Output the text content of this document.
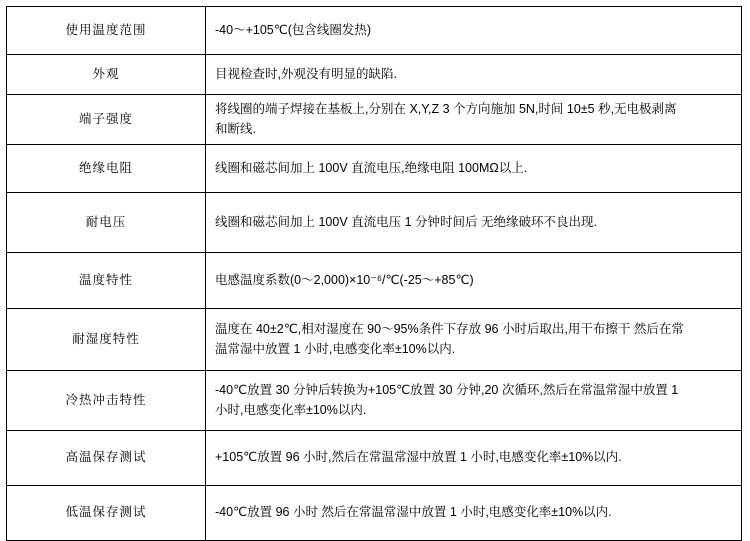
使用温度范围	-40～+105℃(包含线圈发热)

外观	目视检查时,外观没有明显的缺陷.

端子强度	将线圈的端子焊接在基板上,分别在 X,Y,Z 3 个方向施加 5N,时间 10±5 秒,无电极剥离
和断线.

绝缘电阻	线圈和磁芯间加上 100V 直流电压,绝缘电阻 100MΩ以上.

耐电压	线圈和磁芯间加上 100V 直流电压 1 分钟时间后 无绝缘破环不良出现.

温度特性	电感温度系数(0～2,000)×10⁻⁶/℃(-25～+85℃)

耐湿度特性	温度在 40±2℃,相对湿度在 90～95%条件下存放 96 小时后取出,用干布擦干 然后在常
温常湿中放置 1 小时,电感变化率±10%以内.

冷热冲击特性	-40℃放置 30 分钟后转换为+105℃放置 30 分钟,20 次循环,然后在常温常湿中放置 1
小时,电感变化率±10%以内.

高温保存测试	+105℃放置 96 小时,然后在常温常湿中放置 1 小时,电感变化率±10%以内.

低温保存测试	-40℃放置 96 小时 然后在常温常湿中放置 1 小时,电感变化率±10%以内.
